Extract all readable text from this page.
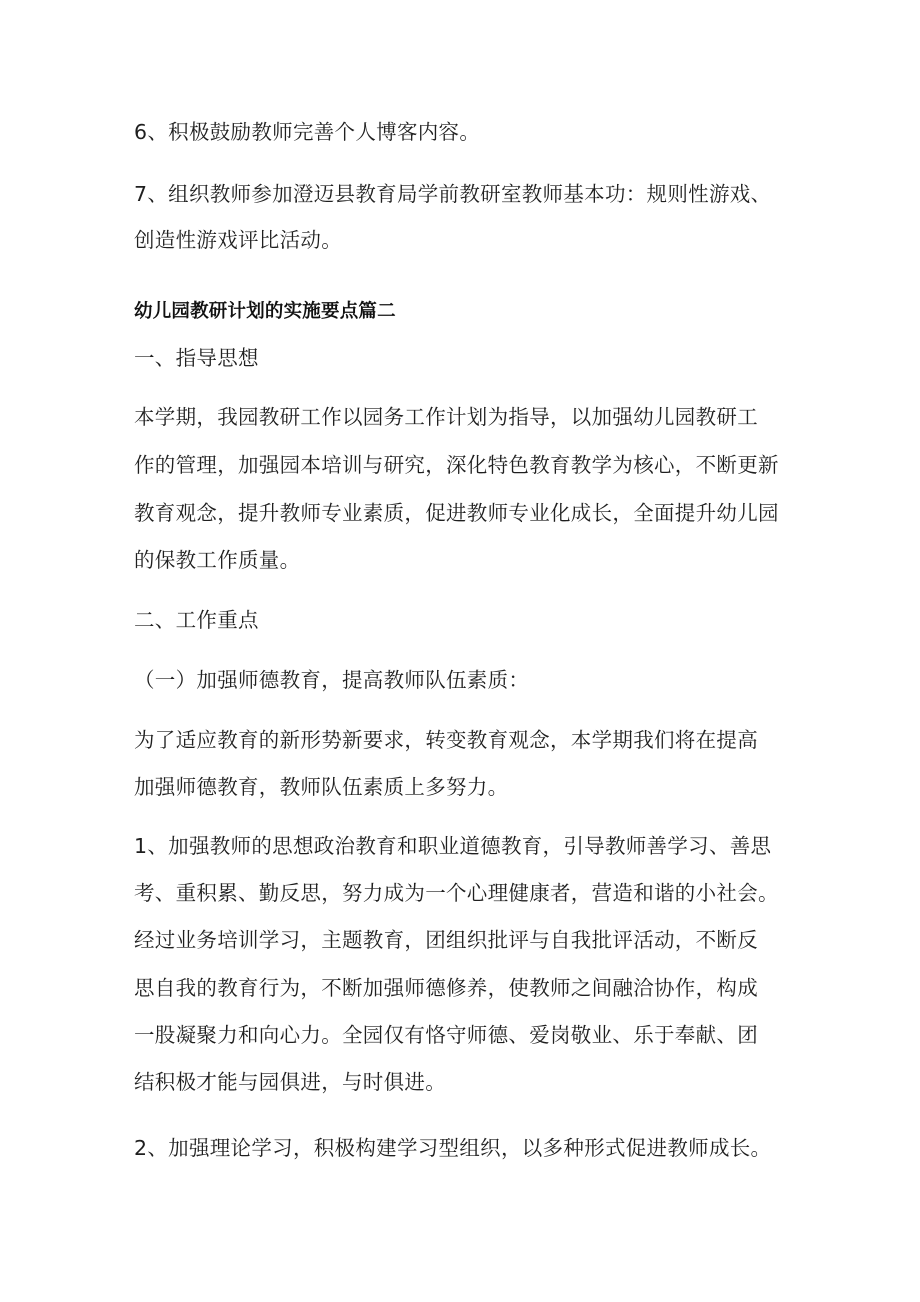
6、积极鼓励教师完善个人博客内容。
7、组织教师参加澄迈县教育局学前教研室教师基本功：规则性游戏、
创造性游戏评比活动。
幼儿园教研计划的实施要点篇二
一、指导思想
本学期，我园教研工作以园务工作计划为指导，以加强幼儿园教研工
作的管理，加强园本培训与研究，深化特色教育教学为核心，不断更新
教育观念，提升教师专业素质，促进教师专业化成长，全面提升幼儿园
的保教工作质量。
二、工作重点
（一）加强师德教育，提高教师队伍素质：
为了适应教育的新形势新要求，转变教育观念，本学期我们将在提高
加强师德教育，教师队伍素质上多努力。
1、加强教师的思想政治教育和职业道德教育，引导教师善学习、善思
考、重积累、勤反思，努力成为一个心理健康者，营造和谐的小社会。
经过业务培训学习，主题教育，团组织批评与自我批评活动，不断反
思自我的教育行为，不断加强师德修养，使教师之间融洽协作，构成
一股凝聚力和向心力。全园仅有恪守师德、爱岗敬业、乐于奉献、团
结积极才能与园俱进，与时俱进。
2、加强理论学习，积极构建学习型组织，以多种形式促进教师成长。
